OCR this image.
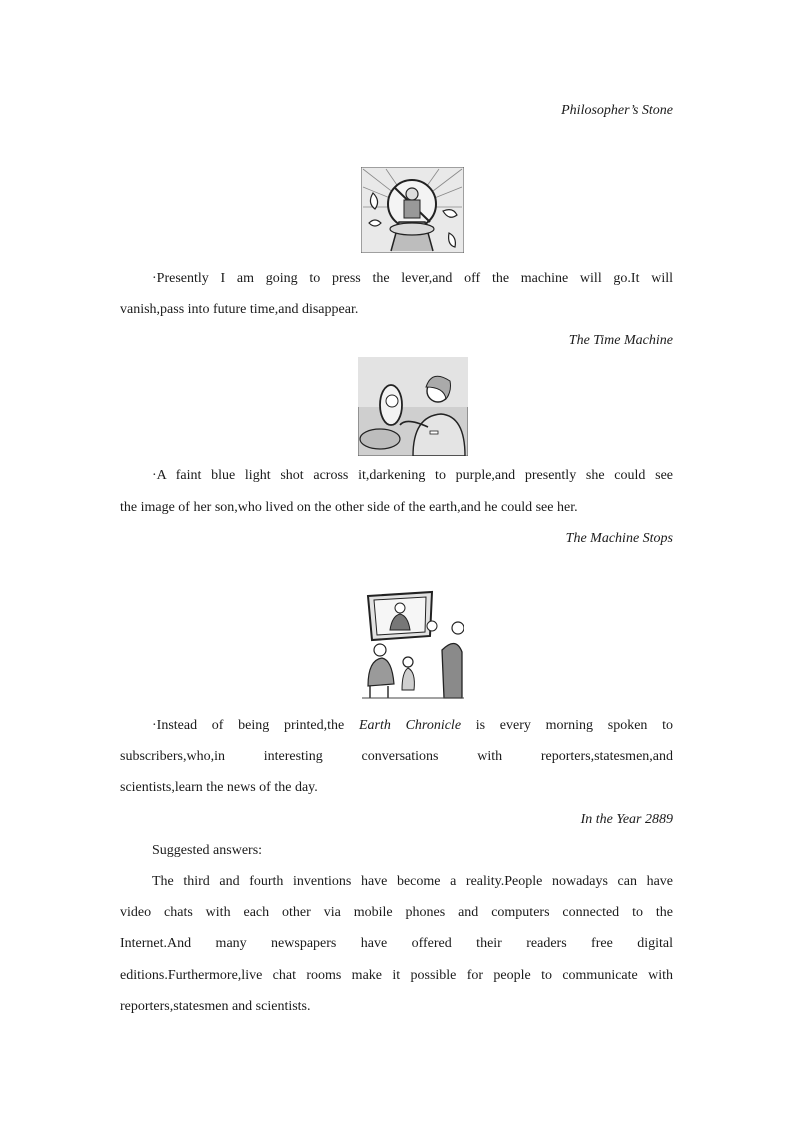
Philosopher’s Stone
·Presently I am going to press the lever,and off the machine will go.It will
vanish,pass into future time,and disappear.
The Time Machine
·A faint blue light shot across it,darkening to purple,and presently she could see
the image of her son,who lived on the other side of the earth,and he could see her.
The Machine Stops
·Instead of being printed,the Earth Chronicle is every morning spoken to
subscribers,who,in interesting conversations with reporters,statesmen,and
scientists,learn the news of the day.
In the Year 2889
Suggested answers:
The third and fourth inventions have become a reality.People nowadays can have
video chats with each other via mobile phones and computers connected to the
Internet.And many newspapers have offered their readers free digital
editions.Furthermore,live chat rooms make it possible for people to communicate with
reporters,statesmen and scientists.
